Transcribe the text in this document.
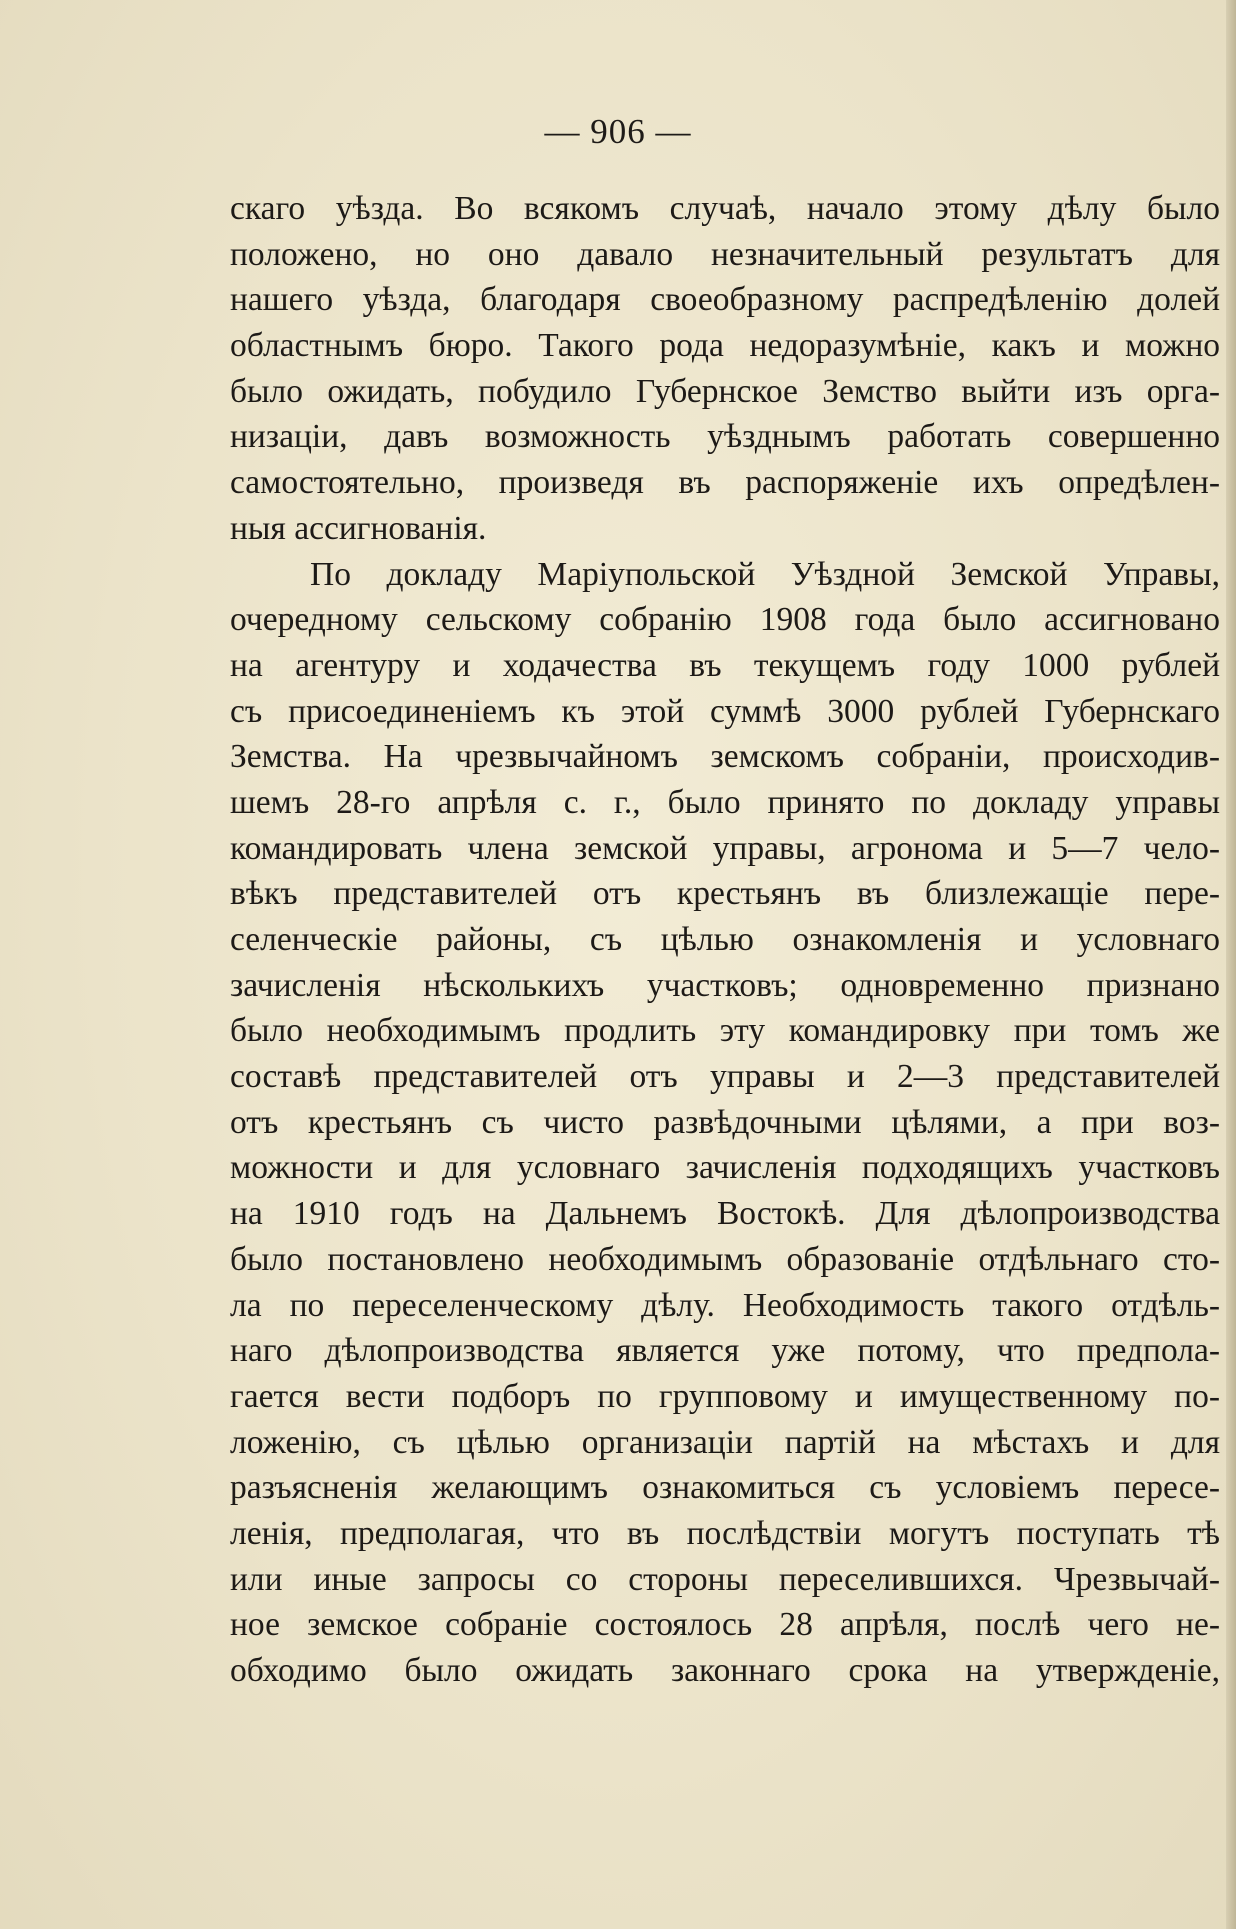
— 906 —
скаго уѣзда. Во всякомъ случаѣ, начало этому дѣлу было
положено, но оно давало незначительный результатъ для
нашего уѣзда, благодаря своеобразному распредѣленію долей
областнымъ бюро. Такого рода недоразумѣніе, какъ и можно
было ожидать, побудило Губернское Земство выйти изъ орга-
низаціи, давъ возможность уѣзднымъ работать совершенно
самостоятельно, произведя въ распоряженіе ихъ опредѣлен-
ныя ассигнованія.
По докладу Маріупольской Уѣздной Земской Управы,
очередному сельскому собранію 1908 года было ассигновано
на агентуру и ходачества въ текущемъ году 1000 рублей
съ присоединеніемъ къ этой суммѣ 3000 рублей Губернскаго
Земства. На чрезвычайномъ земскомъ собраніи, происходив-
шемъ 28-го апрѣля с. г., было принято по докладу управы
командировать члена земской управы, агронома и 5—7 чело-
вѣкъ представителей отъ крестьянъ въ близлежащіе пере-
селенческіе районы, съ цѣлью ознакомленія и условнаго
зачисленія нѣсколькихъ участковъ; одновременно признано
было необходимымъ продлить эту командировку при томъ же
составѣ представителей отъ управы и 2—3 представителей
отъ крестьянъ съ чисто развѣдочными цѣлями, а при воз-
можности и для условнаго зачисленія подходящихъ участковъ
на 1910 годъ на Дальнемъ Востокѣ. Для дѣлопроизводства
было постановлено необходимымъ образованіе отдѣльнаго сто-
ла по переселенческому дѣлу. Необходимость такого отдѣль-
наго дѣлопроизводства является уже потому, что предпола-
гается вести подборъ по групповому и имущественному по-
ложенію, съ цѣлью организаціи партій на мѣстахъ и для
разъясненія желающимъ ознакомиться съ условіемъ пересе-
ленія, предполагая, что въ послѣдствіи могутъ поступать тѣ
или иные запросы со стороны переселившихся. Чрезвычай-
ное земское собраніе состоялось 28 апрѣля, послѣ чего не-
обходимо было ожидать законнаго срока на утвержденіе,
